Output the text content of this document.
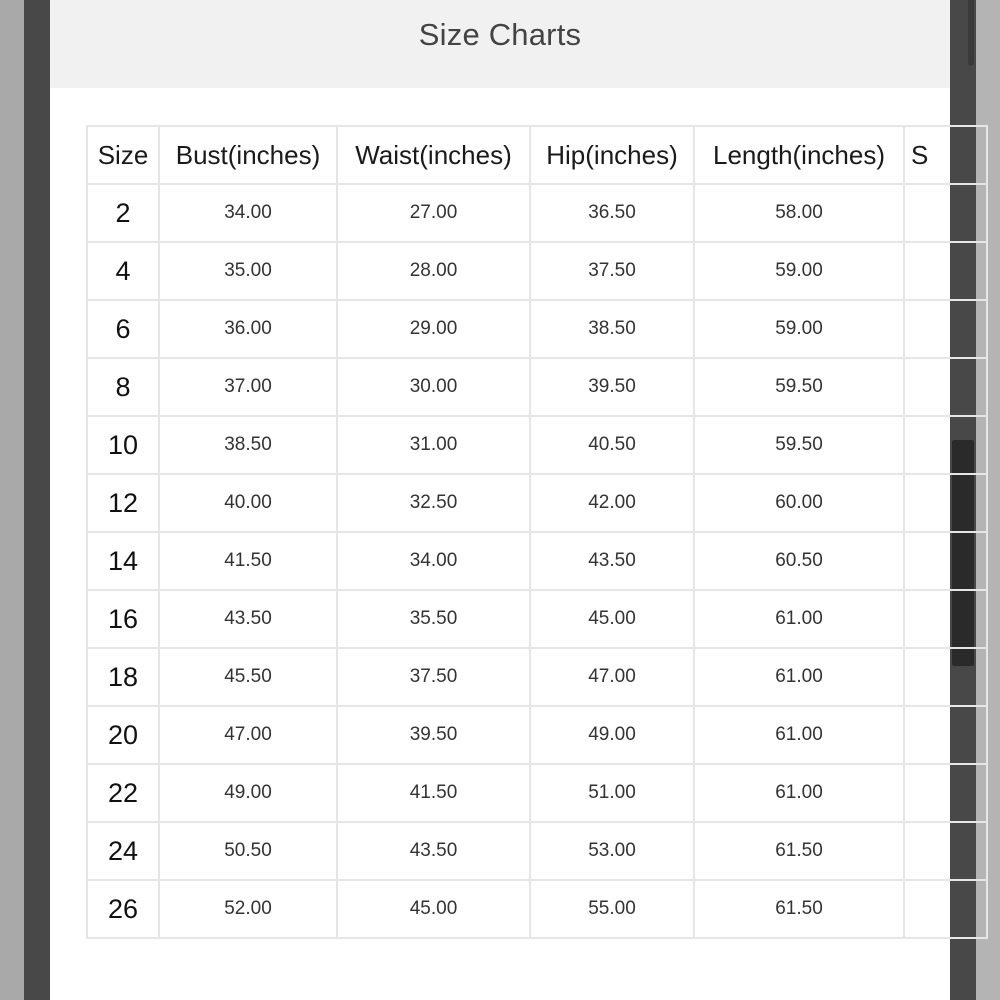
Size Charts
Size	Bust(inches)	Waist(inches)	Hip(inches)	Length(inches)	S
2	34.00	27.00	36.50	58.00	
4	35.00	28.00	37.50	59.00	
6	36.00	29.00	38.50	59.00	
8	37.00	30.00	39.50	59.50	
10	38.50	31.00	40.50	59.50	
12	40.00	32.50	42.00	60.00	
14	41.50	34.00	43.50	60.50	
16	43.50	35.50	45.00	61.00	
18	45.50	37.50	47.00	61.00	
20	47.00	39.50	49.00	61.00	
22	49.00	41.50	51.00	61.00	
24	50.50	43.50	53.00	61.50	
26	52.00	45.00	55.00	61.50	
